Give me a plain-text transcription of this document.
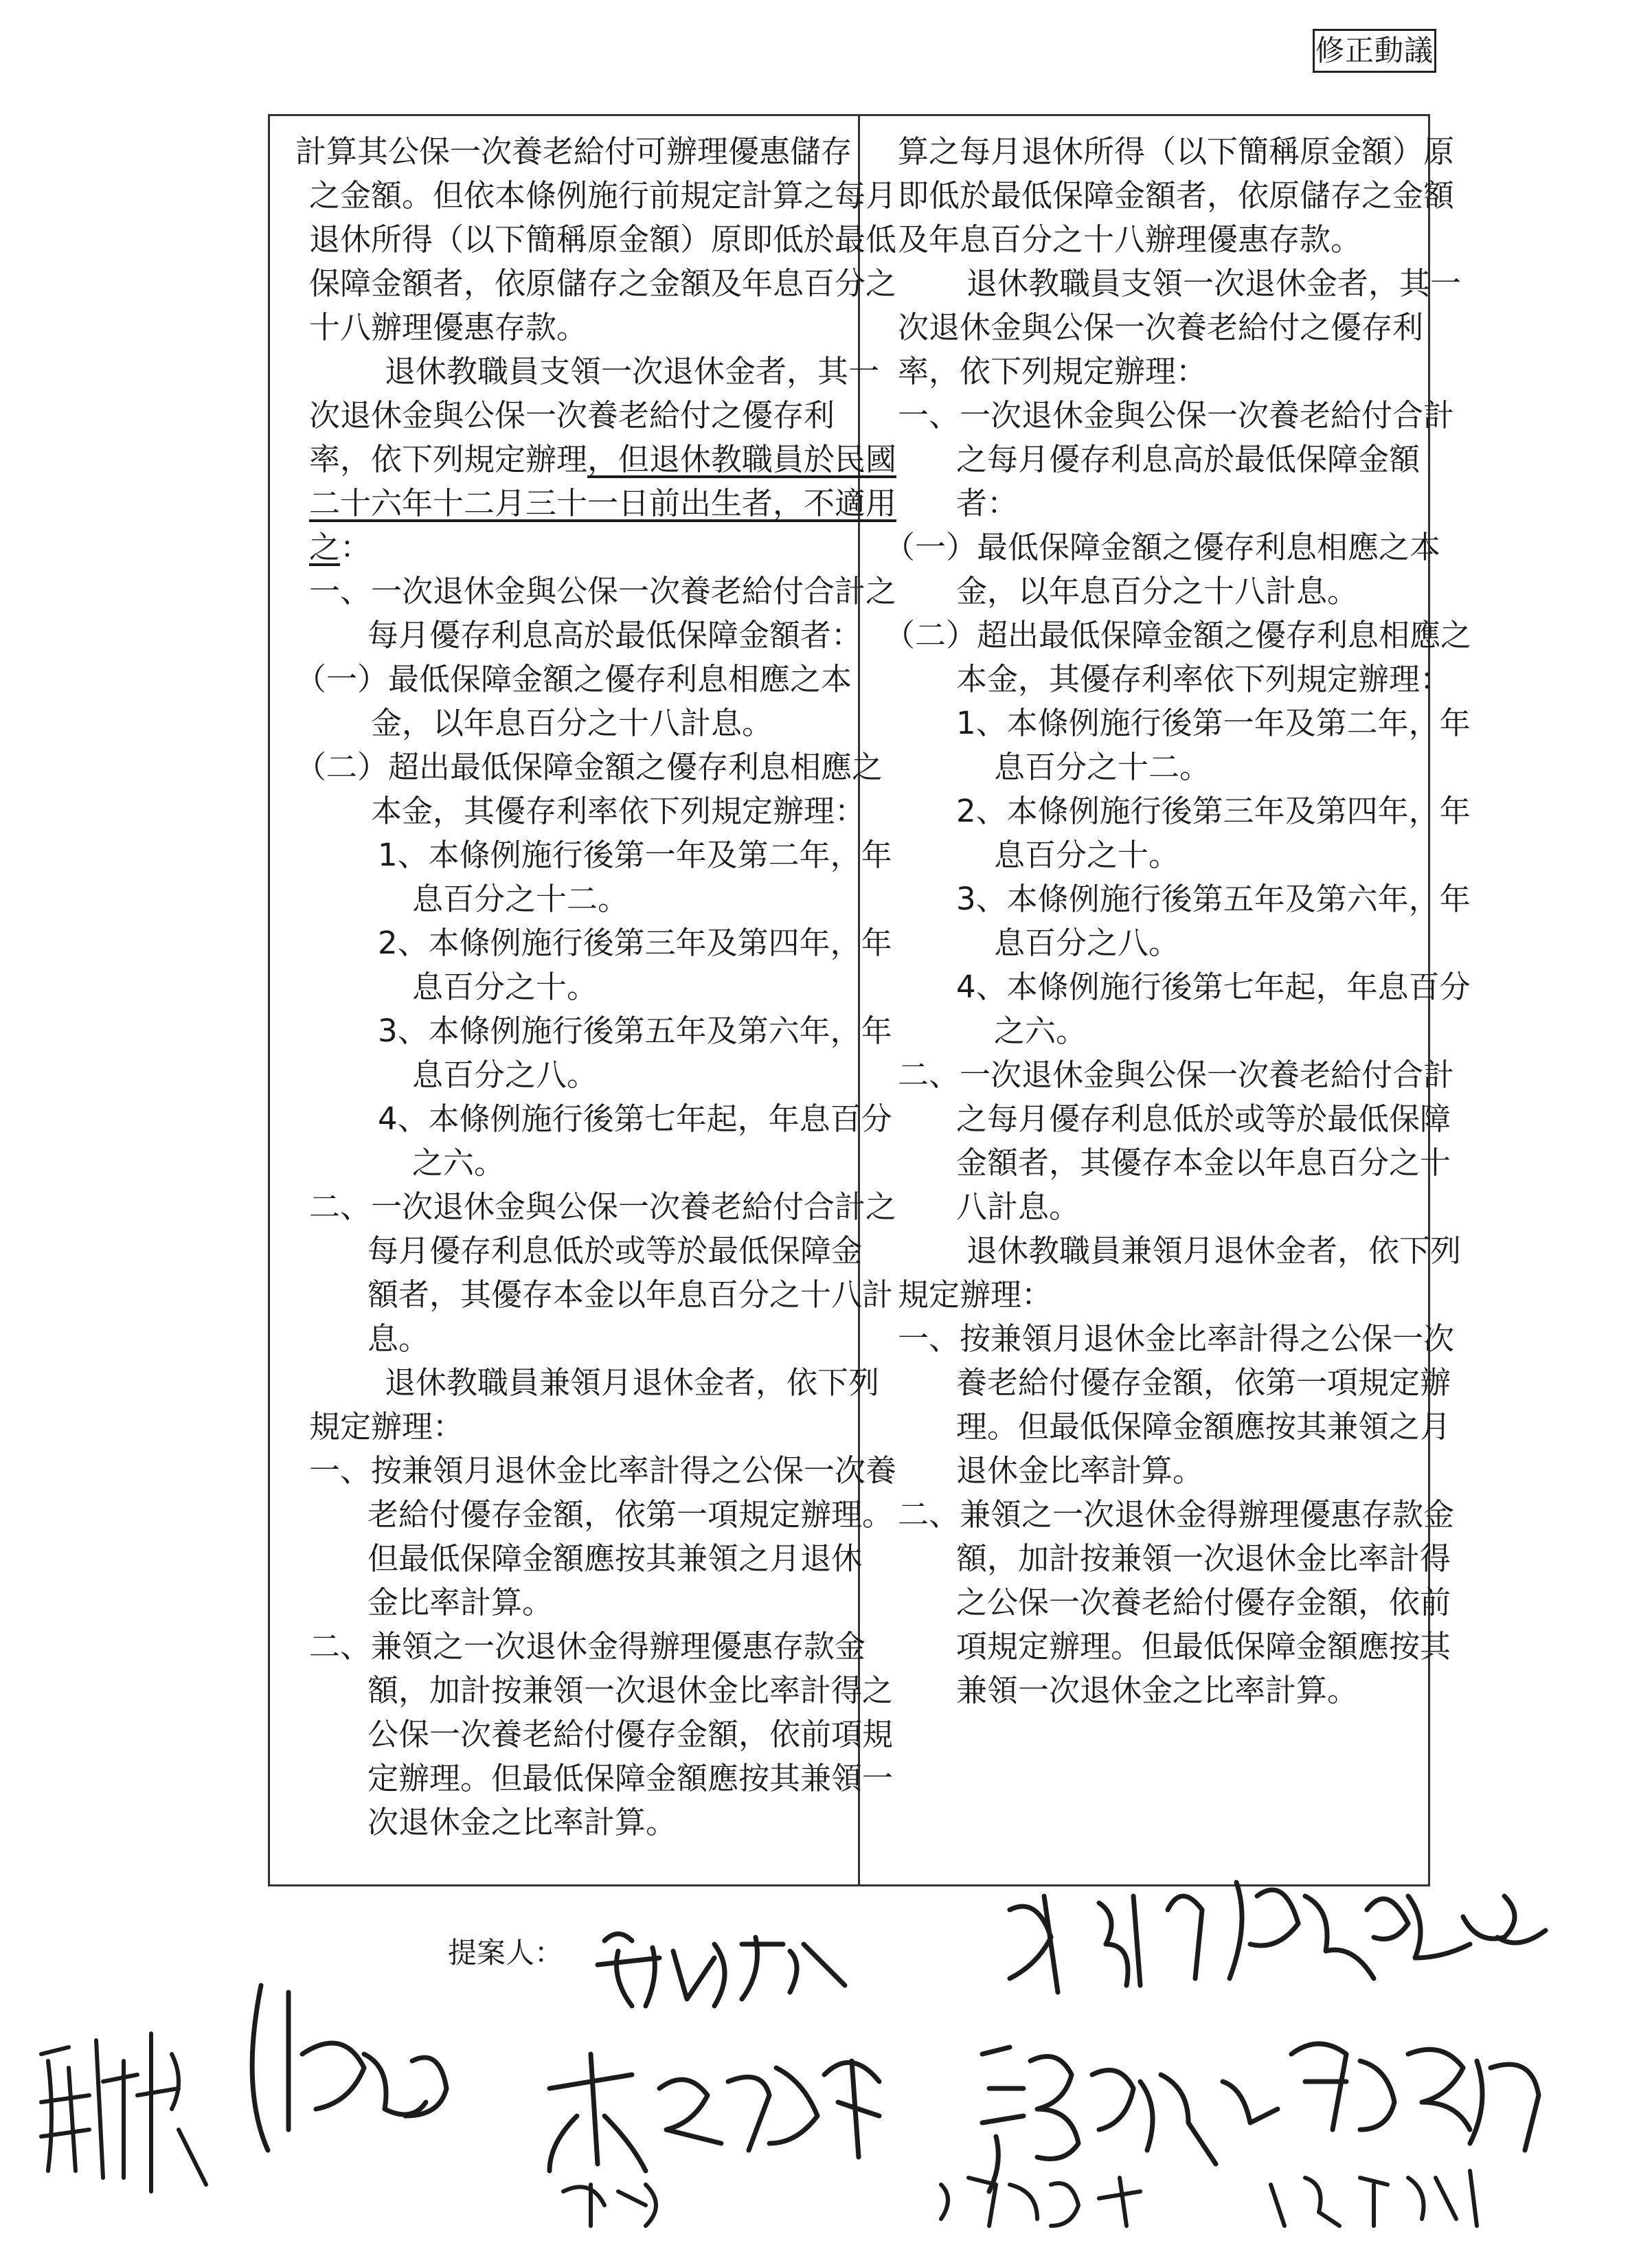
修正動議
計算其公保一次養老給付可辦理優惠儲存
之金額。但依本條例施行前規定計算之每月
退休所得（以下簡稱原金額）原即低於最低
保障金額者，依原儲存之金額及年息百分之
十八辦理優惠存款。
退休教職員支領一次退休金者，其一
次退休金與公保一次養老給付之優存利
率，依下列規定辦理，但退休教職員於民國
二十六年十二月三十一日前出生者，不適用
之：
一、一次退休金與公保一次養老給付合計之
每月優存利息高於最低保障金額者：
（一）最低保障金額之優存利息相應之本
金，以年息百分之十八計息。
（二）超出最低保障金額之優存利息相應之
本金，其優存利率依下列規定辦理：
1、本條例施行後第一年及第二年，年
息百分之十二。
2、本條例施行後第三年及第四年，年
息百分之十。
3、本條例施行後第五年及第六年，年
息百分之八。
4、本條例施行後第七年起，年息百分
之六。
二、一次退休金與公保一次養老給付合計之
每月優存利息低於或等於最低保障金
額者，其優存本金以年息百分之十八計
息。
退休教職員兼領月退休金者，依下列
規定辦理：
一、按兼領月退休金比率計得之公保一次養
老給付優存金額，依第一項規定辦理。
但最低保障金額應按其兼領之月退休
金比率計算。
二、兼領之一次退休金得辦理優惠存款金
額，加計按兼領一次退休金比率計得之
公保一次養老給付優存金額，依前項規
定辦理。但最低保障金額應按其兼領一
次退休金之比率計算。
算之每月退休所得（以下簡稱原金額）原
即低於最低保障金額者，依原儲存之金額
及年息百分之十八辦理優惠存款。
退休教職員支領一次退休金者，其一
次退休金與公保一次養老給付之優存利
率，依下列規定辦理：
一、一次退休金與公保一次養老給付合計
之每月優存利息高於最低保障金額
者：
（一）最低保障金額之優存利息相應之本
金，以年息百分之十八計息。
（二）超出最低保障金額之優存利息相應之
本金，其優存利率依下列規定辦理：
1、本條例施行後第一年及第二年，年
息百分之十二。
2、本條例施行後第三年及第四年，年
息百分之十。
3、本條例施行後第五年及第六年，年
息百分之八。
4、本條例施行後第七年起，年息百分
之六。
二、一次退休金與公保一次養老給付合計
之每月優存利息低於或等於最低保障
金額者，其優存本金以年息百分之十
八計息。
退休教職員兼領月退休金者，依下列
規定辦理：
一、按兼領月退休金比率計得之公保一次
養老給付優存金額，依第一項規定辦
理。但最低保障金額應按其兼領之月
退休金比率計算。
二、兼領之一次退休金得辦理優惠存款金
額，加計按兼領一次退休金比率計得
之公保一次養老給付優存金額，依前
項規定辦理。但最低保障金額應按其
兼領一次退休金之比率計算。
提案人：
